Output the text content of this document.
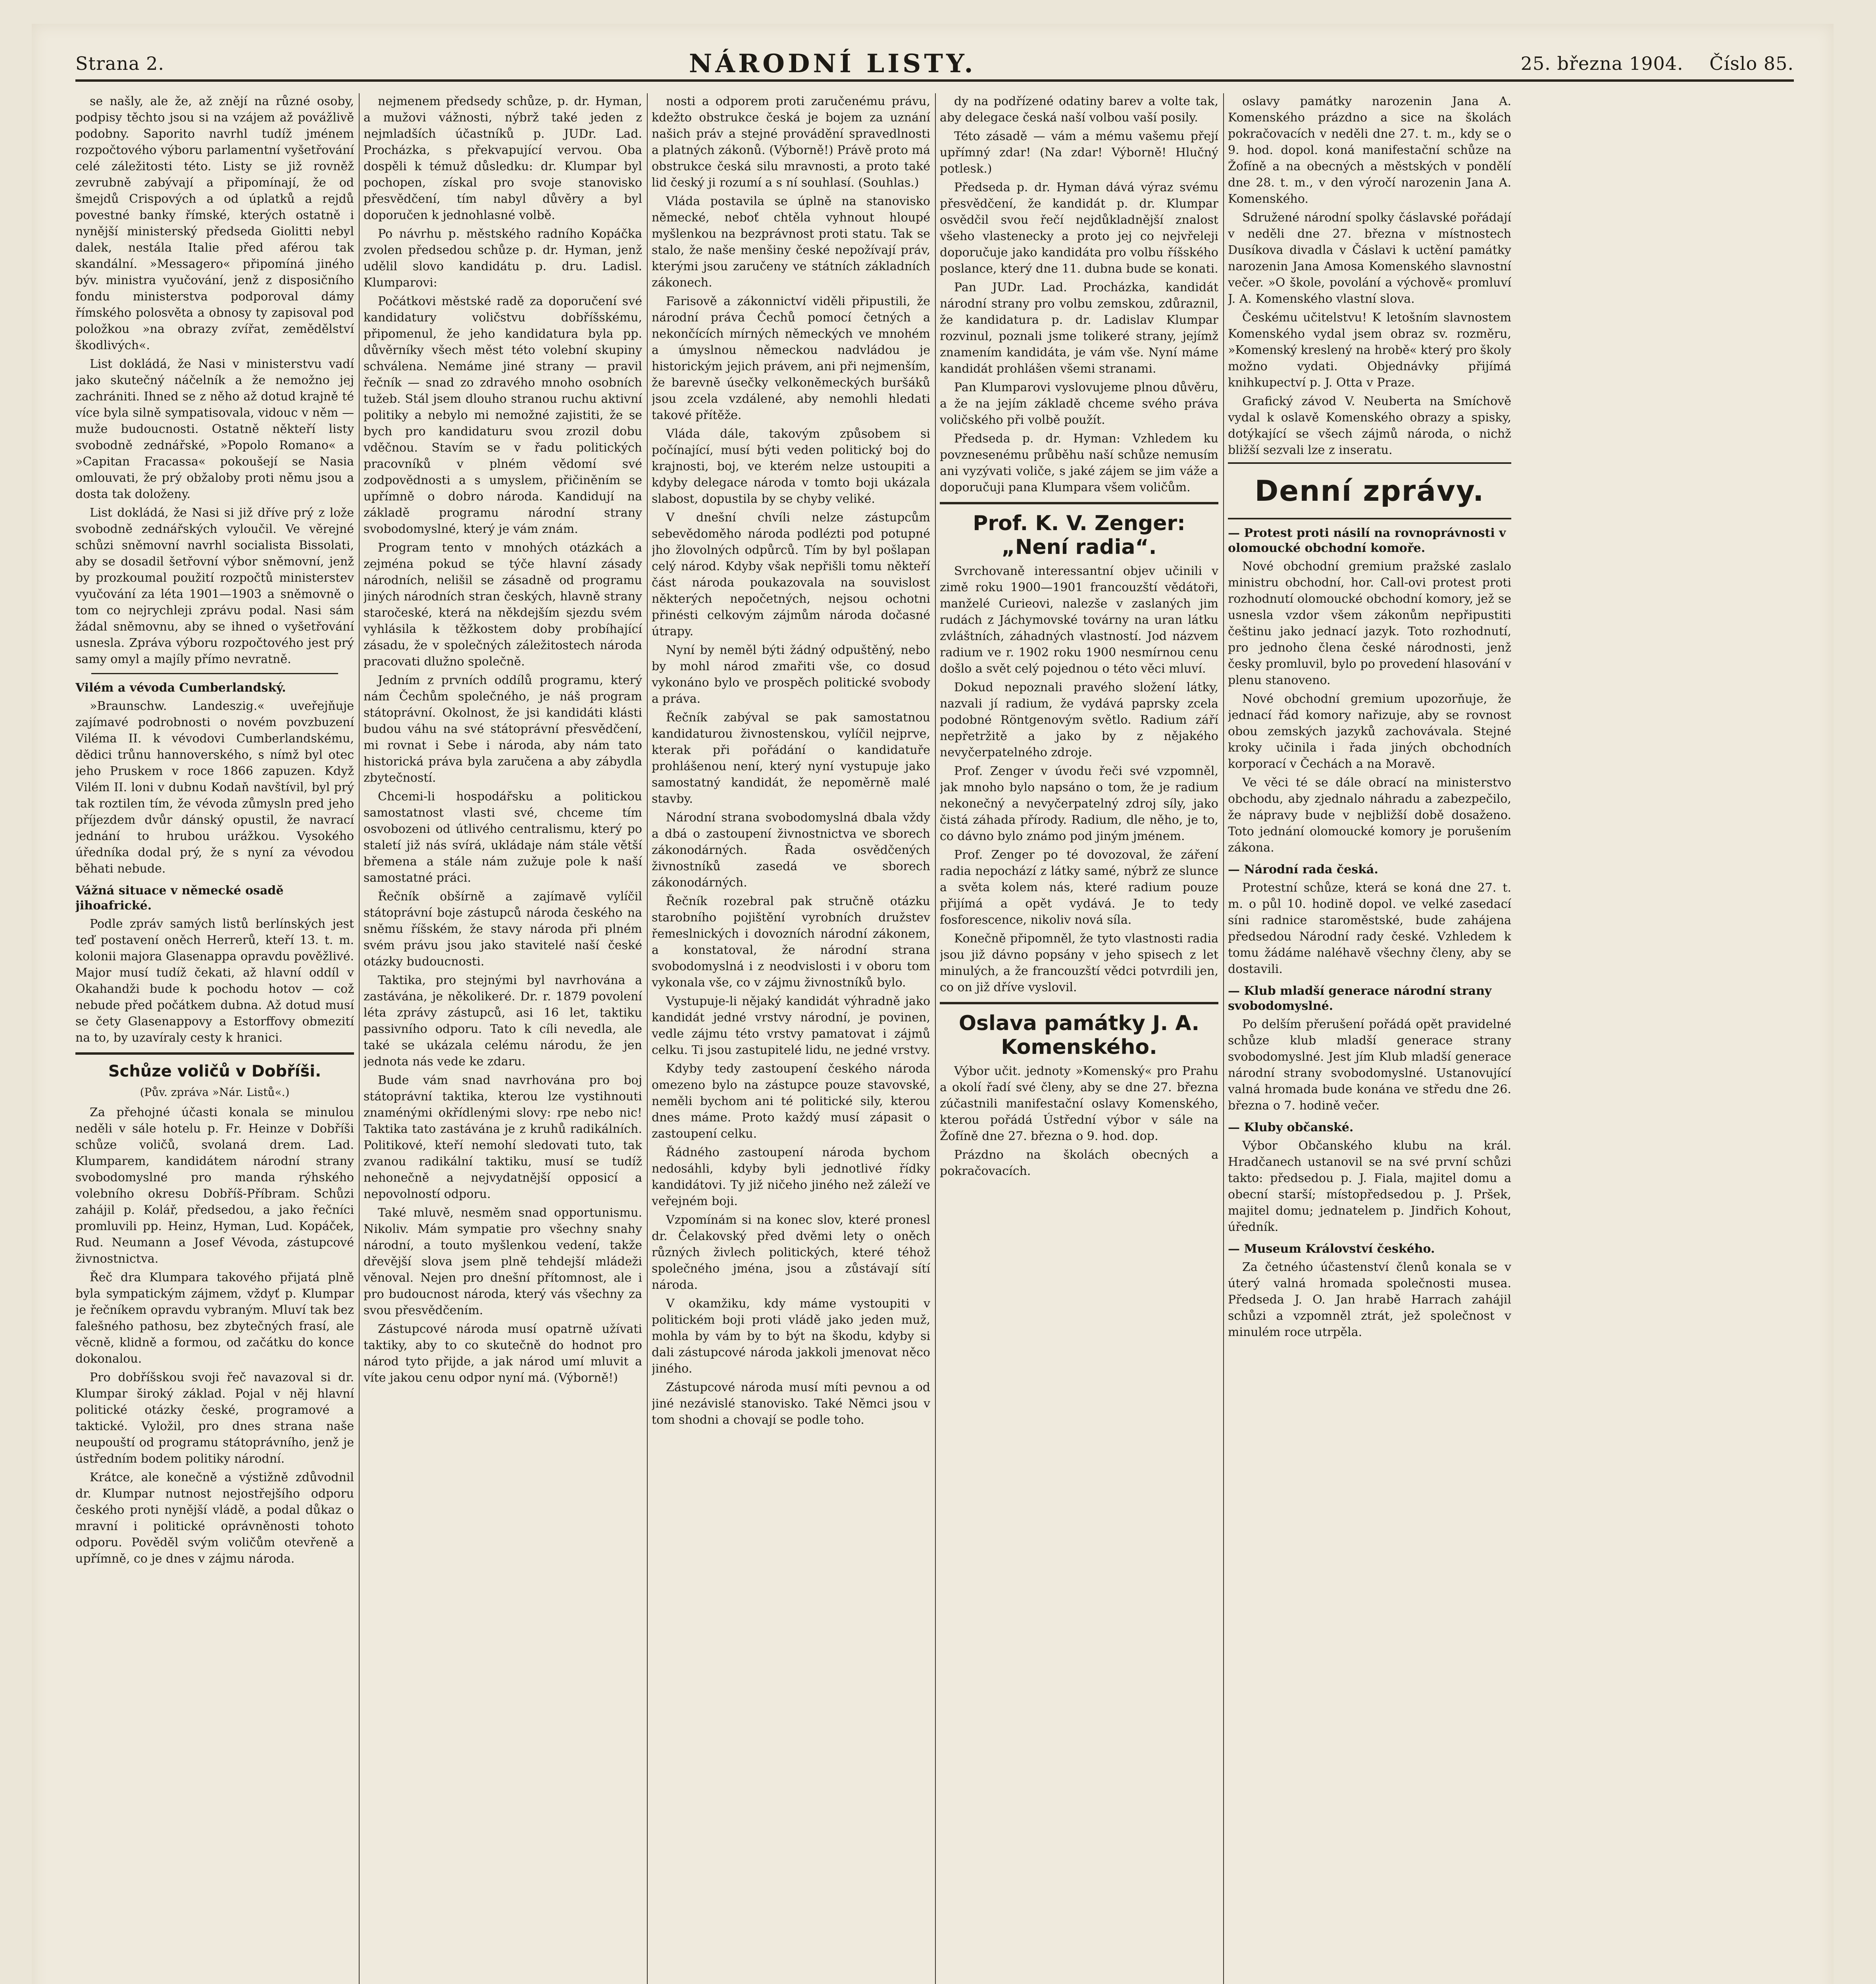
Strana 2.	NÁRODNÍ LISTY.	25. března 1904. Číslo 85.

se našly, ale že, až znějí na různé osoby, podpisy těchto jsou si na vzájem až povážlivě podobny. Saporito navrhl tudíž jménem rozpočtového výboru parlamentní vyšetřování celé záležitosti této. Listy se již rovněž zevrubně zabývají a připomínají, že od šmejdů Crispových a od úplatků a rejdů povestné banky římské, kterých ostatně i nynější ministerský předseda Giolitti nebyl dalek, nestála Italie před aférou tak skandální. »Messagero« připomíná jiného býv. ministra vyučování, jenž z disposičního fondu ministerstva podporoval dámy římského polosvěta a obnosy ty zapisoval pod položkou »na obrazy zvířat, zemědělství škodlivých«.

List dokládá, že Nasi v ministerstvu vadí jako skutečný náčelník a že nemožno jej zachrániti. Ihned se z něho až dotud krajně té více byla silně sympatisovala, vidouc v něm — muže budoucnosti. Ostatně někteří listy svobodně zednářské, »Popolo Romano« a »Capitan Fracassa« pokoušejí se Nasia omlouvati, že prý obžaloby proti němu jsou a dosta tak doloženy.

List dokládá, že Nasi si již dříve prý z lože svobodně zednářských vyloučil. Ve věrejné schůzi sněmovní navrhl socialista Bissolati, aby se dosadil šetřovní výbor sněmovní, jenž by prozkoumal použití rozpočtů ministerstev vyučování za léta 1901—1903 a sněmovně o tom co nejrychleji zprávu podal. Nasi sám žádal sněmovnu, aby se ihned o vyšetřování usnesla. Zpráva výboru rozpočtového jest prý samy omyl a majíly přímo nevratně.

Vilém a vévoda Cumberlandský.

»Braunschw. Landeszig.« uveřejňuje zajímavé podrobnosti o novém povzbuzení Viléma II. k vévodovi Cumberlandskému, dědici trůnu hannoverského, s nímž byl otec jeho Pruskem v roce 1866 zapuzen. Když Vilém II. loni v dubnu Kodaň navštívil, byl prý tak roztilen tím, že vévoda zůmysln pred jeho příjezdem dvůr dánský opustil, že navrací jednání to hrubou urážkou. Vysokého úředníka dodal prý, že s nyní za vévodou běhati nebude.

Vážná situace v německé osadě jihoafrické.

Podle zpráv samých listů berlínských jest teď postavení oněch Herrerů, kteří 13. t. m. kolonii majora Glasenappa opravdu pověžlivé. Major musí tudíž čekati, až hlavní oddíl v Okahandži bude k pochodu hotov — což nebude před počátkem dubna. Až dotud musí se čety Glasenappovy a Estorffovy obmezití na to, by uzavíraly cesty k hranici.

Schůze voličů v Dobříši.
(Pův. zpráva »Nár. Listů«.)

Za přehojné účasti konala se minulou neděli v sále hotelu p. Fr. Heinze v Dobříši schůze voličů, svolaná drem. Lad. Klumparem, kandidátem národní strany svobodomyslné pro manda rýhského volebního okresu Dobříš-Příbram. Schůzi zahájil p. Kolář, předsedou, a jako řečníci promluvili pp. Heinz, Hyman, Lud. Kopáček, Rud. Neumann a Josef Vévoda, zástupcové živnostnictva.

Řeč dra Klumpara takového přijatá plně byla sympatickým zájmem, vždyť p. Klumpar je řečníkem opravdu vybraným. Mluví tak bez falešného pathosu, bez zbytečných frasí, ale věcně, klidně a formou, od začátku do konce dokonalou.

Pro dobříšskou svoji řeč navazoval si dr. Klumpar široký základ. Pojal v něj hlavní politické otázky české, programové a taktické. Vyložil, pro dnes strana naše neupouští od programu státoprávního, jenž je ústředním bodem politiky národní.

Krátce, ale konečně a výstižně zdůvodnil dr. Klumpar nutnost nejostřejšího odporu českého proti nynější vládě, a podal důkaz o mravní i politické oprávněnosti tohoto odporu. Pověděl svým voličům otevřeně a upřímně, co je dnes v zájmu národa.

nejmenem předsedy schůze, p. dr. Hyman, a mužovi vážnosti, nýbrž také jeden z nejmladších účastníků p. JUDr. Lad. Procházka, s překvapující vervou. Oba dospěli k témuž důsledku: dr. Klumpar byl pochopen, získal pro svoje stanovisko přesvědčení, tím nabyl důvěry a byl doporučen k jednohlasné volbě.

Po návrhu p. městského radního Kopáčka zvolen předsedou schůze p. dr. Hyman, jenž udělil slovo kandidátu p. dru. Ladisl. Klumparovi:

Počátkovi městské radě za doporučení své kandidatury voličstvu dobříšskému, připomenul, že jeho kandidatura byla pp. důvěrníky všech měst této volební skupiny schválena. Nemáme jiné strany — pravil řečník — snad zo zdravého mnoho osobních tužeb. Stál jsem dlouho stranou ruchu aktivní politiky a nebylo mi nemožné zajistiti, že se bych pro kandidaturu svou zrozil dobu vděčnou. Stavím se v řadu politických pracovníků v plném vědomí své zodpovědnosti a s umyslem, přičiněním se upřímně o dobro národa. Kandidují na základě programu národní strany svobodomyslné, který je vám znám.

Program tento v mnohých otázkách a zejména pokud se týče hlavní zásady národních, nelišil se zásadně od programu jiných národních stran českých, hlavně strany staročeské, která na někdejším sjezdu svém vyhlásila k těžkostem doby probíhající zásadu, že v společných záležitostech národa pracovati dlužno společně.

Jedním z prvních oddílů programu, který nám Čechům společného, je náš program státoprávní. Okolnost, že jsi kandidáti klásti budou váhu na své státoprávní přesvědčení, mi rovnat i Sebe i národa, aby nám tato historická práva byla zaručena a aby zábydla zbytečností.

Chcemi-li hospodářsku a politickou samostatnost vlasti své, chceme tím osvobozeni od útlivého centralismu, který po staletí již nás svírá, ukládaje nám stále větší břemena a stále nám zužuje pole k naší samostatné práci.

Řečník obšírně a zajímavě vylíčil státoprávní boje zástupců národa českého na sněmu říšském, že stavy národa při plném svém právu jsou jako stavitelé naší české otázky budoucnosti.

Taktika, pro stejnými byl navrhována a zastávána, je několikeré. Dr. r. 1879 povolení léta zprávy zástupců, asi 16 let, taktiku passivního odporu. Tato k cíli nevedla, ale také se ukázala celému národu, že jen jednota nás vede ke zdaru.

Bude vám snad navrhována pro boj státoprávní taktika, kterou lze vystihnouti znaménými okřídlenými slovy: rpe nebo nic! Taktika tato zastávána je z kruhů radikálních. Politikové, kteří nemohí sledovati tuto, tak zvanou radikální taktiku, musí se tudíž nehonečně a nejvydatnější opposicí a nepovolností odporu.

Také mluvě, nesměm snad opportunismu. Nikoliv. Mám sympatie pro všechny snahy národní, a touto myšlenkou vedení, takže dřevější slova jsem plně tehdejší mládeži věnoval. Nejen pro dnešní přítomnost, ale i pro budoucnost národa, který vás všechny za svou přesvědčením.

Zástupcové národa musí opatrně užívati taktiky, aby to co skutečně do hodnot pro národ tyto přijde, a jak národ umí mluvit a víte jakou cenu odpor nyní má. (Výborně!)

nosti a odporem proti zaručenému právu, kdežto obstrukce česká je bojem za uznání našich práv a stejné provádění spravedlnosti a platných zákonů. (Výborně!) Právě proto má obstrukce česká silu mravnosti, a proto také lid český ji rozumí a s ní souhlasí. (Souhlas.)

Vláda postavila se úplně na stanovisko německé, neboť chtěla vyhnout hloupé myšlenkou na bezprávnost proti statu. Tak se stalo, že naše menšiny české nepožívají práv, kterými jsou zaručeny ve státních základních zákonech.

Farisově a zákonnictví viděli připustili, že národní práva Čechů pomocí četných a nekončících mírných německých ve mnohém a úmyslnou německou nadvládou je historickým jejich právem, ani při nejmenším, že barevně úsečky velkoněmeckých buršáků jsou zcela vzdálené, aby nemohli hledati takové přítěže.

Vláda dále, takovým způsobem si počínající, musí býti veden politický boj do krajnosti, boj, ve kterém nelze ustoupiti a kdyby delegace národa v tomto boji ukázala slabost, dopustila by se chyby veliké.

V dnešní chvíli nelze zástupcům sebevědoměho národa podlézti pod potupné jho žlovolných odpůrců. Tím by byl pošlapan celý národ. Kdyby však nepřišli tomu někteří část národa poukazovala na souvislost některých nepočetných, nejsou ochotni přinésti celkovým zájmům národa dočasné útrapy.

Nyní by neměl býti žádný odpuštěný, nebo by mohl národ zmařiti vše, co dosud vykonáno bylo ve prospěch politické svobody a práva.

Řečník zabýval se pak samostatnou kandidaturou živnostenskou, vylíčil nejprve, kterak při pořádání o kandidatuře prohlášenou není, který nyní vystupuje jako samostatný kandidát, že nepoměrně malé stavby.

Národní strana svobodomyslná dbala vždy a dbá o zastoupení živnostnictva ve sborech zákonodárných. Řada osvědčených živnostníků zasedá ve sborech zákonodárných.

Řečník rozebral pak stručně otázku starobního pojištění vyrobních družstev řemeslnických i dovozních národní zákonem, a konstatoval, že národní strana svobodomyslná i z neodvislosti i v oboru tom vykonala vše, co v zájmu živnostníků bylo.

Vystupuje-li nějaký kandidát výhradně jako kandidát jedné vrstvy národní, je povinen, vedle zájmu této vrstvy pamatovat i zájmů celku. Ti jsou zastupitelé lidu, ne jedné vrstvy.

Kdyby tedy zastoupení českého národa omezeno bylo na zástupce pouze stavovské, neměli bychom ani té politické sily, kterou dnes máme. Proto každý musí zápasit o zastoupení celku.

Řádného zastoupení národa bychom nedosáhli, kdyby byli jednotlivé řídky kandidátovi. Ty již ničeho jiného než záleží ve veřejném boji.

Vzpomínám si na konec slov, které pronesl dr. Čelakovský před dvěmi lety o oněch různých živlech politických, které téhož společného jména, jsou a zůstávají sítí národa.

V okamžiku, kdy máme vystoupiti v politickém boji proti vládě jako jeden muž, mohla by vám by to být na škodu, kdyby si dali zástupcové národa jakkoli jmenovat něco jiného.

Zástupcové národa musí míti pevnou a od jiné nezávislé stanovisko. Také Němci jsou v tom shodni a chovají se podle toho.

dy na podřízené odatiny barev a volte tak, aby delegace česká naší volbou vaší posily.

Této zásadě — vám a mému vašemu přejí upřímný zdar! (Na zdar! Výborně! Hlučný potlesk.)

Předseda p. dr. Hyman dává výraz svému přesvědčení, že kandidát p. dr. Klumpar osvědčil svou řečí nejdůkladnější znalost všeho vlastenecky a proto jej co nejvřeleji doporučuje jako kandidáta pro volbu říšského poslance, který dne 11. dubna bude se konati.

Pan JUDr. Lad. Procházka, kandidát národní strany pro volbu zemskou, zdůraznil, že kandidatura p. dr. Ladislav Klumpar rozvinul, poznali jsme tolikeré strany, jejímž znamením kandidáta, je vám vše. Nyní máme kandidát prohlášen všemi stranami.

Pan Klumparovi vyslovujeme plnou důvěru, a že na jejím základě chceme svého práva voličského při volbě použít.

Předseda p. dr. Hyman: Vzhledem ku povznesenému průběhu naší schůze nemusím ani vyzývati voliče, s jaké zájem se jim váže a doporučuji pana Klumpara všem voličům.

Prof. K. V. Zenger: „Není radia“.

Svrchovaně interessantní objev učinili v zimě roku 1900—1901 francouzští vědátoři, manželé Curieovi, nalezše v zaslaných jim rudách z Jáchymovské továrny na uran látku zvláštních, záhadných vlastností. Jod názvem radium ve r. 1902 roku 1900 nesmírnou cenu došlo a svět celý pojednou o této věci mluví.

Dokud nepoznali pravého složení látky, nazvali jí radium, že vydává paprsky zcela podobné Röntgenovým světlo. Radium září nepřetržitě a jako by z nějakého nevyčerpatelného zdroje.

Prof. Zenger v úvodu řeči své vzpomněl, jak mnoho bylo napsáno o tom, že je radium nekonečný a nevyčerpatelný zdroj síly, jako čistá záhada přírody. Radium, dle něho, je to, co dávno bylo známo pod jiným jménem.

Prof. Zenger po té dovozoval, že záření radia nepochází z látky samé, nýbrž ze slunce a světa kolem nás, které radium pouze přijímá a opět vydává. Je to tedy fosforescence, nikoliv nová síla.

Konečně připomněl, že tyto vlastnosti radia jsou již dávno popsány v jeho spisech z let minulých, a že francouzští vědci potvrdili jen, co on již dříve vyslovil.

Oslava památky J. A. Komenského.

Výbor učit. jednoty »Komenský« pro Prahu a okolí řadí své členy, aby se dne 27. března zúčastnili manifestační oslavy Komenského, kterou pořádá Ústřední výbor v sále na Žofíně dne 27. března o 9. hod. dop.

Prázdno na školách obecných a pokračovacích.

oslavy památky narozenin Jana A. Komenského prázdno a sice na školách pokračovacích v neděli dne 27. t. m., kdy se o 9. hod. dopol. koná manifestační schůze na Žofíně a na obecných a městských v pondělí dne 28. t. m., v den výročí narozenin Jana A. Komenského.

Sdružené národní spolky čáslavské pořádají v neděli dne 27. března v místnostech Dusíkova divadla v Čáslavi k uctění památky narozenin Jana Amosa Komenského slavnostní večer. »O škole, povolání a výchově« promluví J. A. Komenského vlastní slova.

Českému učitelstvu! K letošním slavnostem Komenského vydal jsem obraz sv. rozměru, »Komenský kreslený na hrobě« který pro školy možno vydati. Objednávky přijímá knihkupectví p. J. Otta v Praze.

Grafický závod V. Neuberta na Smíchově vydal k oslavě Komenského obrazy a spisky, dotýkající se všech zájmů národa, o nichž bližší sezvali lze z inseratu.

Denní zprávy.
— Protest proti násilí na rovnoprávnosti v olomoucké obchodní komoře.

Nové obchodní gremium pražské zaslalo ministru obchodní, hor. Call-ovi protest proti rozhodnutí olomoucké obchodní komory, jež se usnesla vzdor všem zákonům nepřipustiti češtinu jako jednací jazyk. Toto rozhodnutí, pro jednoho člena české národnosti, jenž česky promluvil, bylo po provedení hlasování v plenu stanoveno.

Nové obchodní gremium upozorňuje, že jednací řád komory nařizuje, aby se rovnost obou zemských jazyků zachovávala. Stejné kroky učinila i řada jiných obchodních korporací v Čechách a na Moravě.

Ve věci té se dále obrací na ministerstvo obchodu, aby zjednalo náhradu a zabezpečilo, že nápravy bude v nejbližší době dosaženo. Toto jednání olomoucké komory je porušením zákona.

— Národní rada česká.

Protestní schůze, která se koná dne 27. t. m. o půl 10. hodině dopol. ve velké zasedací síni radnice staroměstské, bude zahájena předsedou Národní rady české. Vzhledem k tomu žádáme naléhavě všechny členy, aby se dostavili.

— Klub mladší generace národní strany svobodomyslné.

Po delším přerušení pořádá opět pravidelné schůze klub mladší generace strany svobodomyslné. Jest jím Klub mladší generace národní strany svobodomyslné. Ustanovující valná hromada bude konána ve středu dne 26. března o 7. hodině večer.

— Kluby občanské.

Výbor Občanského klubu na král. Hradčanech ustanovil se na své první schůzi takto: předsedou p. J. Fiala, majitel domu a obecní starší; místopředsedou p. J. Pršek, majitel domu; jednatelem p. Jindřich Kohout, úředník.

— Museum Království českého.

Za četného účastenství členů konala se v úterý valná hromada společnosti musea. Předseda J. O. Jan hrabě Harrach zahájil schůzi a vzpomněl ztrát, jež společnost v minulém roce utrpěla.
